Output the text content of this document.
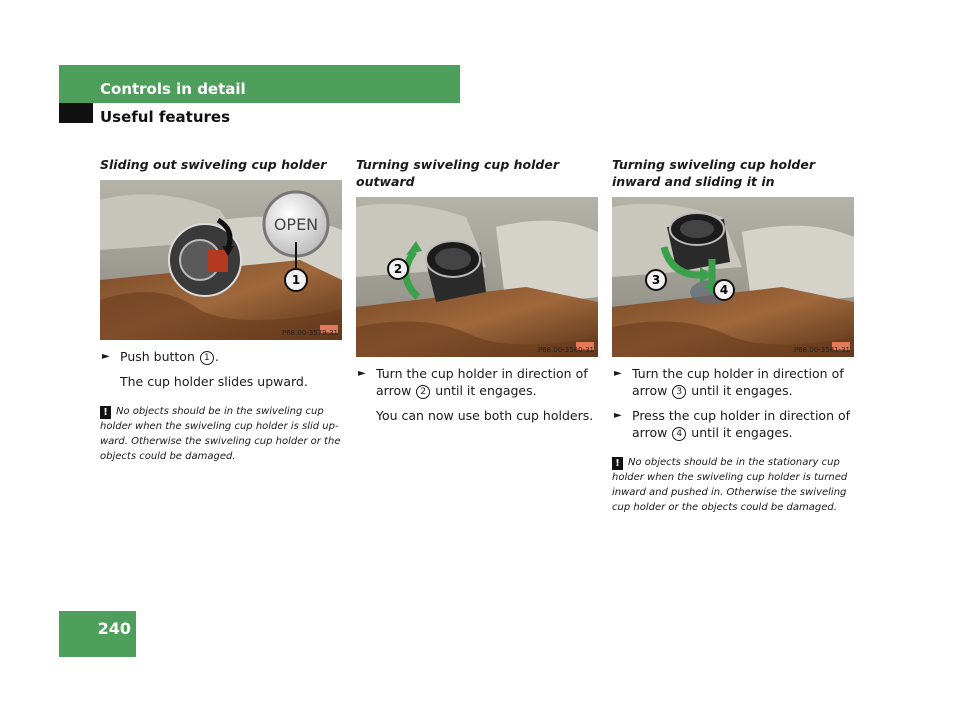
Controls in detail
Useful features
Sliding out swiveling cup holder
OPEN
1
P68.00-3579-31
► Push button 1 .
The cup holder slides upward.
! No objects should be in the swiveling cup holder when the swiveling cup holder is slid up-ward. Otherwise the swiveling cup holder or the objects could be damaged.
Turning swiveling cup holder outward
2
P68.00-3580-31
► Turn the cup holder in direction of arrow 2 until it engages.
You can now use both cup holders.
Turning swiveling cup holder inward and sliding it in
3
4
P68.00-3581-31
► Turn the cup holder in direction of arrow 3 until it engages.
► Press the cup holder in direction of arrow 4 until it engages.
! No objects should be in the stationary cup holder when the swiveling cup holder is turned inward and pushed in. Otherwise the swiveling cup holder or the objects could be damaged.
240
